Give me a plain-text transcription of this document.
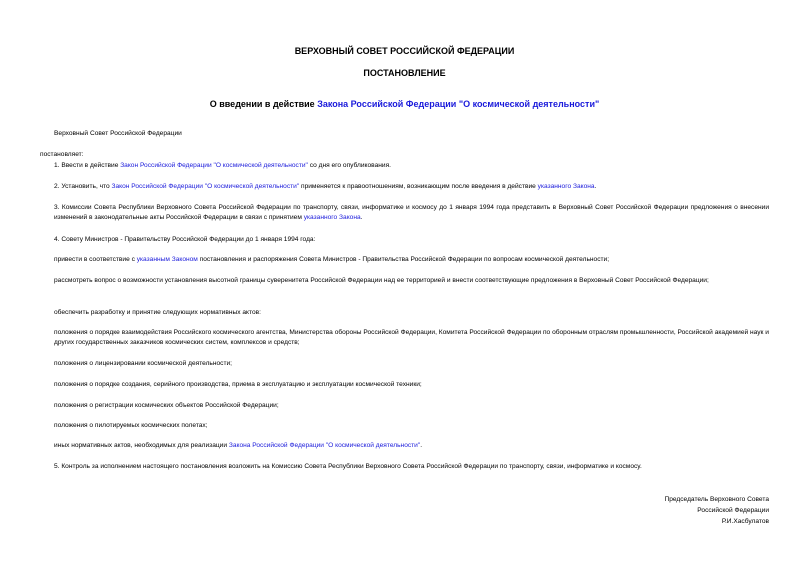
ВЕРХОВНЫЙ СОВЕТ РОССИЙСКОЙ ФЕДЕРАЦИИ
ПОСТАНОВЛЕНИЕ
О введении в действие Закона Российской Федерации "О космической деятельности"
Верховный Совет Российской Федерации
постановляет:
1. Ввести в действие Закон Российской Федерации "О космической деятельности" со дня его опубликования.
2. Установить, что Закон Российской Федерации "О космической деятельности" применяется к правоотношениям, возникающим после введения в действие указанного Закона.
3. Комиссии Совета Республики Верховного Совета Российской Федерации по транспорту, связи, информатике и космосу до 1 января 1994 года представить в Верховный Совет Российской Федерации предложения о внесении изменений в законодательные акты Российской Федерации в связи с принятием указанного Закона.
4. Совету Министров - Правительству Российской Федерации до 1 января 1994 года:
привести в соответствие с указанным Законом постановления и распоряжения Совета Министров - Правительства Российской Федерации по вопросам космической деятельности;
рассмотреть вопрос о возможности установления высотной границы суверенитета Российской Федерации над ее территорией и внести соответствующие предложения в Верховный Совет Российской Федерации;
обеспечить разработку и принятие следующих нормативных актов:
положения о порядке взаимодействия Российского космического агентства, Министерства обороны Российской Федерации, Комитета Российской Федерации по оборонным отраслям промышленности, Российской академией наук и других государственных заказчиков космических систем, комплексов и средств;
положения о лицензировании космической деятельности;
положения о порядке создания, серийного производства, приема в эксплуатацию и эксплуатации космической техники;
положения о регистрации космических объектов Российской Федерации;
положения о пилотируемых космических полетах;
иных нормативных актов, необходимых для реализации Закона Российской Федерации "О космической деятельности".
5. Контроль за исполнением настоящего постановления возложить на Комиссию Совета Республики Верховного Совета Российской Федерации по транспорту, связи, информатике и космосу.
Председатель Верховного Совета
Российской Федерации
Р.И.Хасбулатов
